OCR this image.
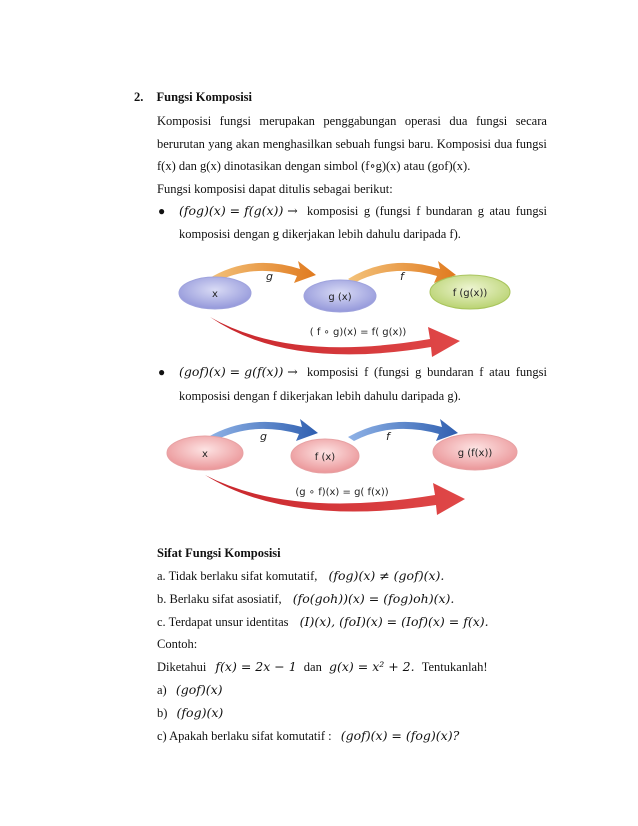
2. Fungsi Komposisi
Komposisi fungsi merupakan penggabungan operasi dua fungsi secara
berurutan yang akan menghasilkan sebuah fungsi baru. Komposisi dua fungsi
f(x) dan g(x) dinotasikan dengan simbol (f∘g)(x) atau (gof)(x).
Fungsi komposisi dapat ditulis sebagai berikut:
● (fog)(x) = f(g(x)) → komposisi g (fungsi f bundaran g atau fungsi
komposisi dengan g dikerjakan lebih dahulu daripada f).
g	f
x	g (x)	f (g(x))
( f ∘ g)(x) = f( g(x))
● (gof)(x) = g(f(x)) → komposisi f (fungsi g bundaran f atau fungsi
komposisi dengan f dikerjakan lebih dahulu daripada g).
g	f
x	f (x)	g (f(x))
(g ∘ f)(x) = g( f(x))
Sifat Fungsi Komposisi
a. Tidak berlaku sifat komutatif, (fog)(x) ≠ (gof)(x).
b. Berlaku sifat asosiatif, (fo(goh))(x) = (fog)oh)(x).
c. Terdapat unsur identitas (I)(x), (foI)(x) = (Iof)(x) = f(x).
Contoh:
Diketahui f(x) = 2x − 1 dan g(x) = x² + 2. Tentukanlah!
a) (gof)(x)
b) (fog)(x)
c) Apakah berlaku sifat komutatif : (gof)(x) = (fog)(x)?
